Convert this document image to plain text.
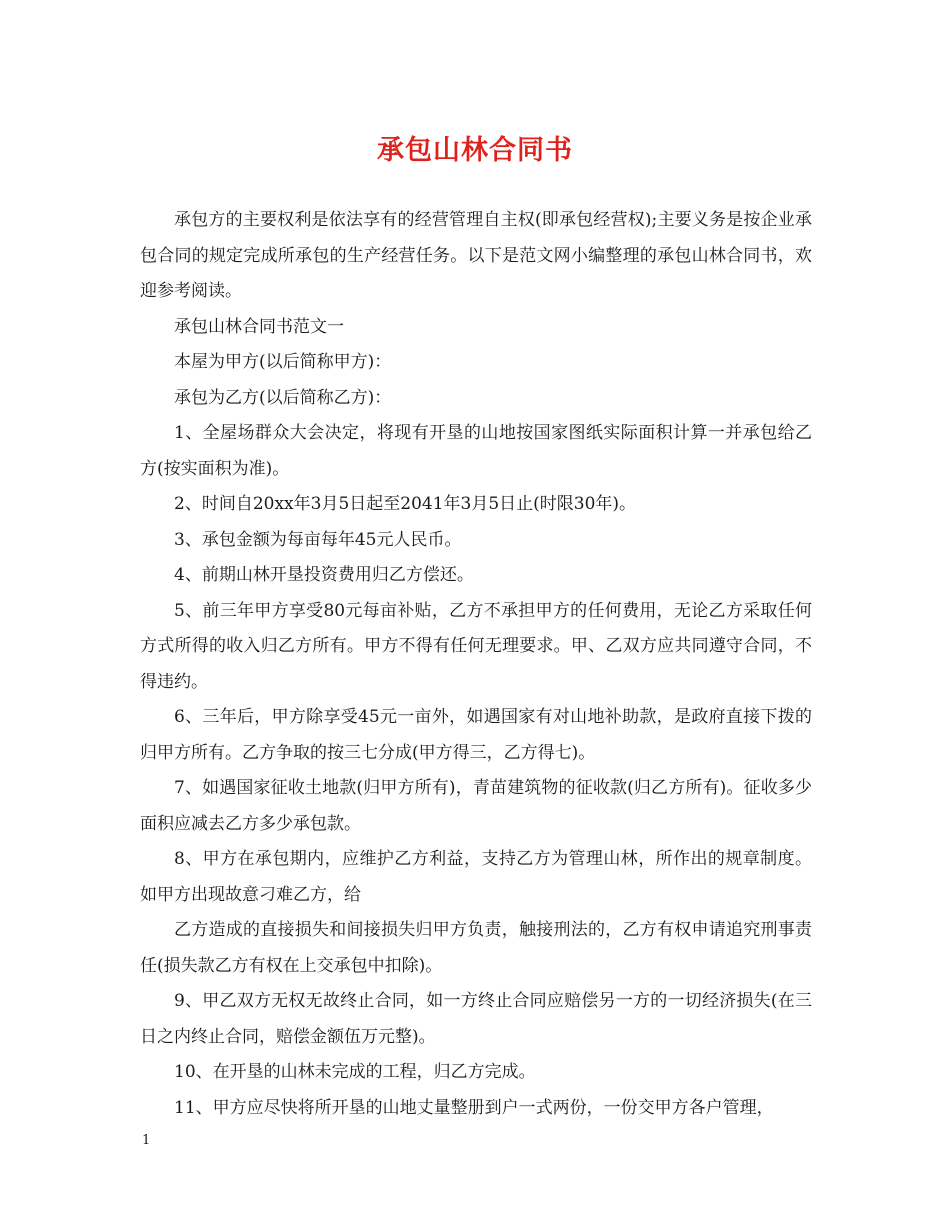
承包山林合同书

承包方的主要权利是依法享有的经营管理自主权(即承包经营权);主要义务是按企业承包合同的规定完成所承包的生产经营任务。以下是范文网小编整理的承包山林合同书，欢迎参考阅读。

承包山林合同书范文一

本屋为甲方(以后简称甲方)：

承包为乙方(以后简称乙方)：

1、全屋场群众大会决定，将现有开垦的山地按国家图纸实际面积计算一并承包给乙方(按实面积为准)。

2、时间自20xx年3月5日起至2041年3月5日止(时限30年)。

3、承包金额为每亩每年45元人民币。

4、前期山林开垦投资费用归乙方偿还。

5、前三年甲方享受80元每亩补贴，乙方不承担甲方的任何费用，无论乙方采取任何方式所得的收入归乙方所有。甲方不得有任何无理要求。甲、乙双方应共同遵守合同，不得违约。

6、三年后，甲方除享受45元一亩外，如遇国家有对山地补助款，是政府直接下拨的归甲方所有。乙方争取的按三七分成(甲方得三，乙方得七)。

7、如遇国家征收土地款(归甲方所有)，青苗建筑物的征收款(归乙方所有)。征收多少面积应减去乙方多少承包款。

8、甲方在承包期内，应维护乙方利益，支持乙方为管理山林，所作出的规章制度。如甲方出现故意刁难乙方，给

乙方造成的直接损失和间接损失归甲方负责，触接刑法的，乙方有权申请追究刑事责任(损失款乙方有权在上交承包中扣除)。

9、甲乙双方无权无故终止合同，如一方终止合同应赔偿另一方的一切经济损失(在三日之内终止合同，赔偿金额伍万元整)。

10、在开垦的山林未完成的工程，归乙方完成。

11、甲方应尽快将所开垦的山地丈量整册到户一式两份，一份交甲方各户管理，

1
